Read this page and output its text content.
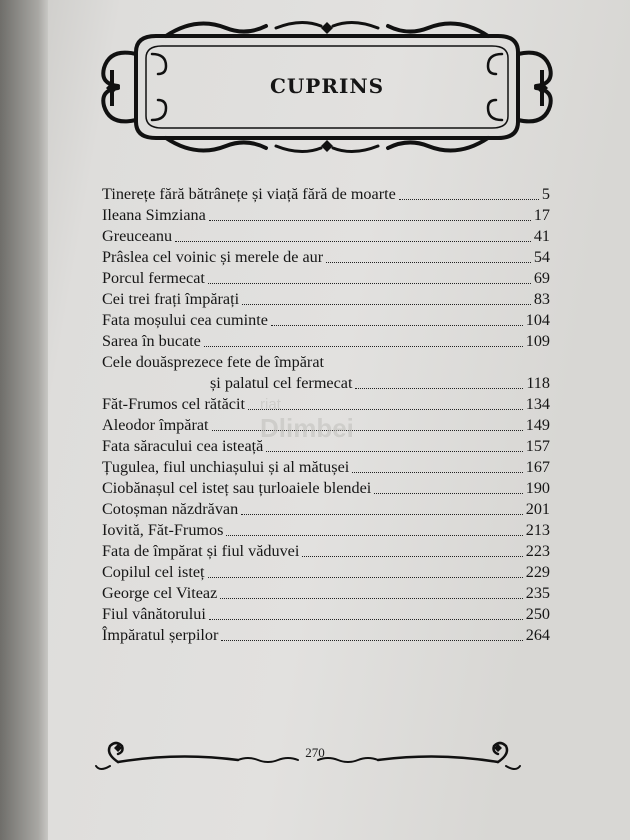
CUPRINS
Tinerețe fără bătrânețe și viață fără de moarte	5
Ileana Simziana	17
Greuceanu	41
Prâslea cel voinic și merele de aur	54
Porcul fermecat	69
Cei trei frați împărați	83
Fata moșului cea cuminte	104
Sarea în bucate	109
Cele douăsprezece fete de împărat
și palatul cel fermecat	118
Făt-Frumos cel rătăcit	134
Aleodor împărat	149
Fata săracului cea isteață	157
Țugulea, fiul unchiașului și al mătușei	167
Ciobănașul cel isteț sau țurloaiele blendei	190
Cotoșman năzdrăvan	201
Iovită, Făt-Frumos	213
Fata de împărat și fiul văduvei	223
Copilul cel isteț	229
George cel Viteaz	235
Fiul vânătorului	250
Împăratul șerpilor	264
riat
Dlimbei
270
